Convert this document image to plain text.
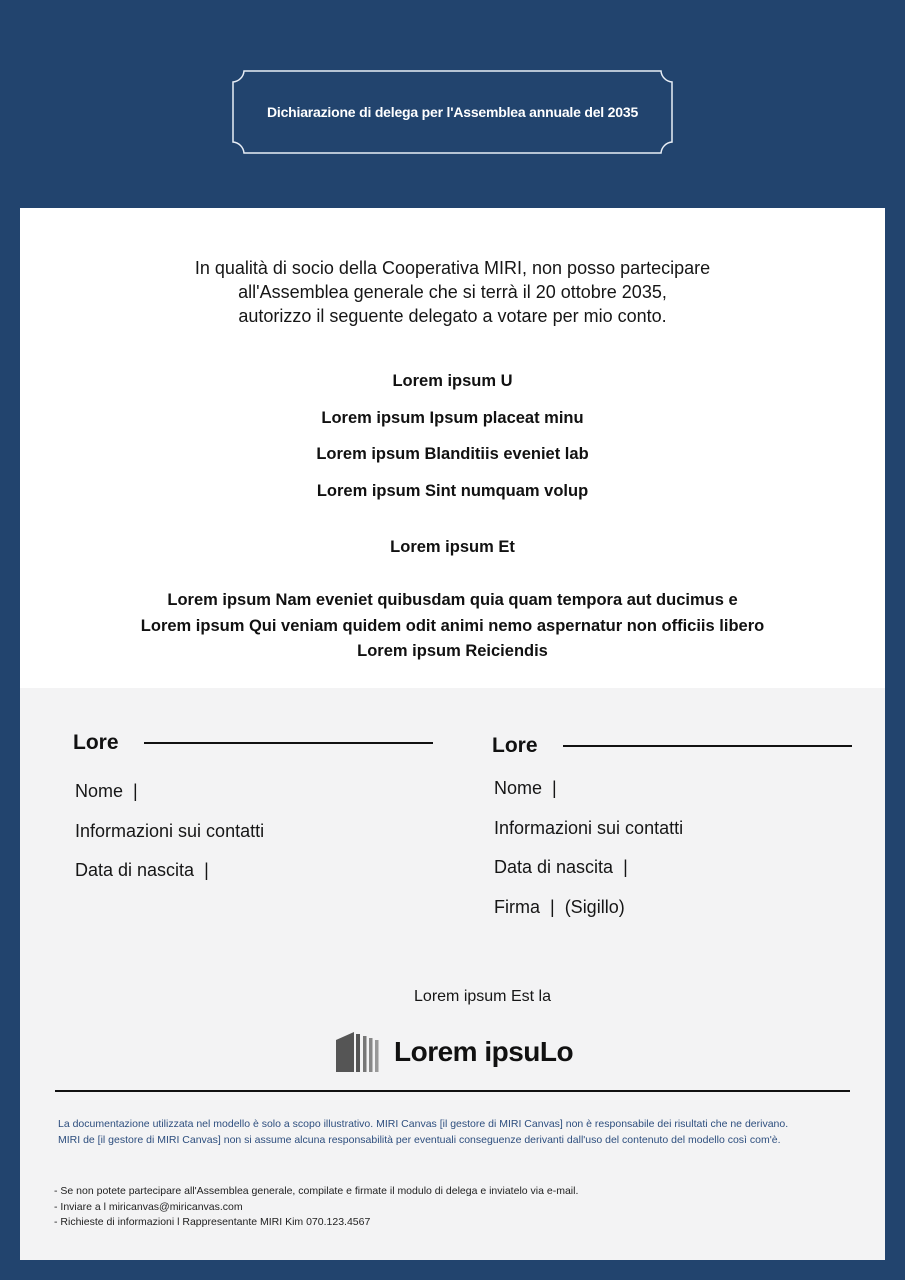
Dichiarazione di delega per l'Assemblea annuale del 2035
In qualità di socio della Cooperativa MIRI, non posso partecipare
all'Assemblea generale che si terrà il 20 ottobre 2035,
autorizzo il seguente delegato a votare per mio conto.
Lorem ipsum U
Lorem ipsum Ipsum placeat minu
Lorem ipsum Blanditiis eveniet lab
Lorem ipsum Sint numquam volup
Lorem ipsum Et
Lorem ipsum Nam eveniet quibusdam quia quam tempora aut ducimus e
Lorem ipsum Qui veniam quidem odit animi nemo aspernatur non officiis libero
Lorem ipsum Reiciendis
Lore
Nome |
Informazioni sui contatti
Data di nascita |
Lore
Nome |
Informazioni sui contatti
Data di nascita |
Firma | (Sigillo)
Lorem ipsum Est la
Lorem ipsuLo
La documentazione utilizzata nel modello è solo a scopo illustrativo. MIRI Canvas [il gestore di MIRI Canvas] non è responsabile dei risultati che ne derivano.
MIRI de [il gestore di MIRI Canvas] non si assume alcuna responsabilità per eventuali conseguenze derivanti dall'uso del contenuto del modello così com'è.
- Se non potete partecipare all'Assemblea generale, compilate e firmate il modulo di delega e inviatelo via e-mail.
- Inviare a l miricanvas@miricanvas.com
- Richieste di informazioni l Rappresentante MIRI Kim 070.123.4567
